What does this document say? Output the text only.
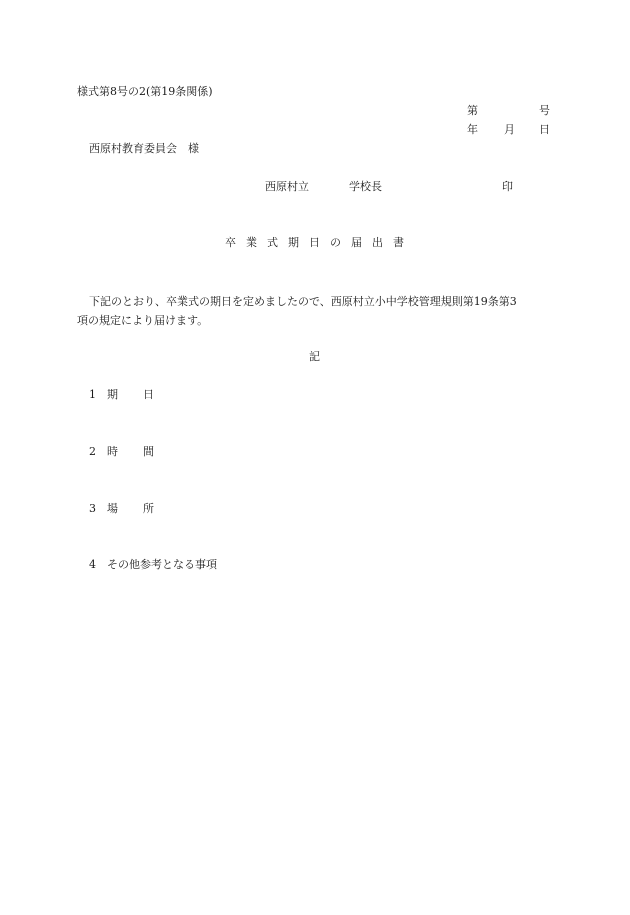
様式第8号の2(第19条関係)
第	号
年 月 日
西原村教育委員会　様
西原村立	学校長	印
卒 業 式 期 日 の 届 出 書
下記のとおり、卒業式の期日を定めましたので、西原村立小中学校管理規則第19条第3
項の規定により届けます。
記
1 期 日
2 時 間
3 場 所
4 その他参考となる事項
